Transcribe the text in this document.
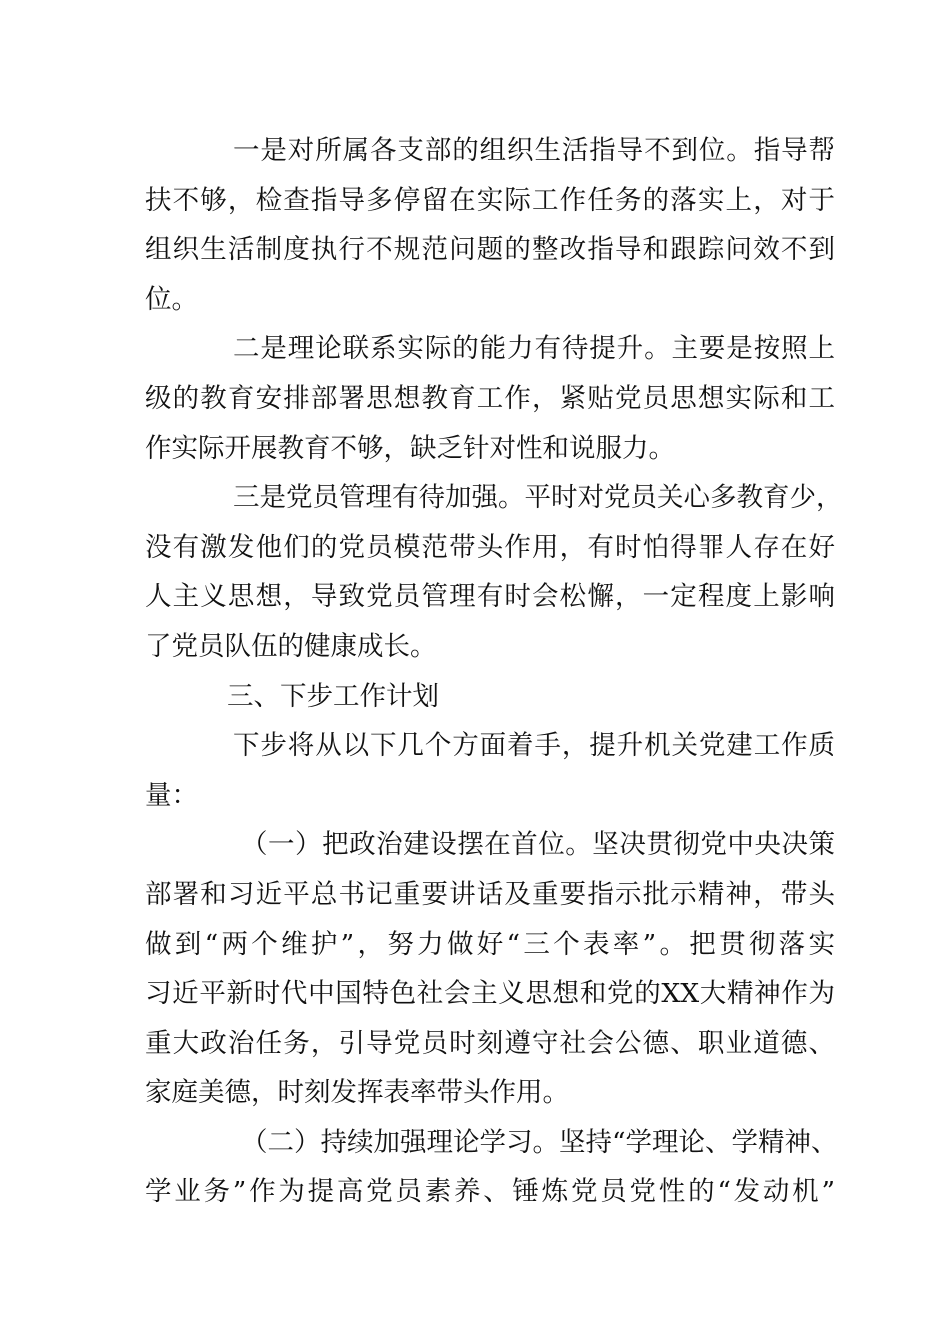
一是对所属各支部的组织生活指导不到位。指导帮
扶不够，检查指导多停留在实际工作任务的落实上，对于
组织生活制度执行不规范问题的整改指导和跟踪问效不到
位。
二是理论联系实际的能力有待提升。主要是按照上
级的教育安排部署思想教育工作，紧贴党员思想实际和工
作实际开展教育不够，缺乏针对性和说服力。
三是党员管理有待加强。平时对党员关心多教育少，
没有激发他们的党员模范带头作用，有时怕得罪人存在好
人主义思想，导致党员管理有时会松懈，一定程度上影响
了党员队伍的健康成长。
三、下步工作计划
下步将从以下几个方面着手，提升机关党建工作质
量：
（一）把政治建设摆在首位。坚决贯彻党中央决策
部署和习近平总书记重要讲话及重要指示批示精神，带头
做到“两个维护”，努力做好“三个表率”。把贯彻落实
习近平新时代中国特色社会主义思想和党的XX大精神作为
重大政治任务，引导党员时刻遵守社会公德、职业道德、
家庭美德，时刻发挥表率带头作用。
（二）持续加强理论学习。坚持“学理论、学精神、
学业务”作为提高党员素养、锤炼党员党性的“发动机”
